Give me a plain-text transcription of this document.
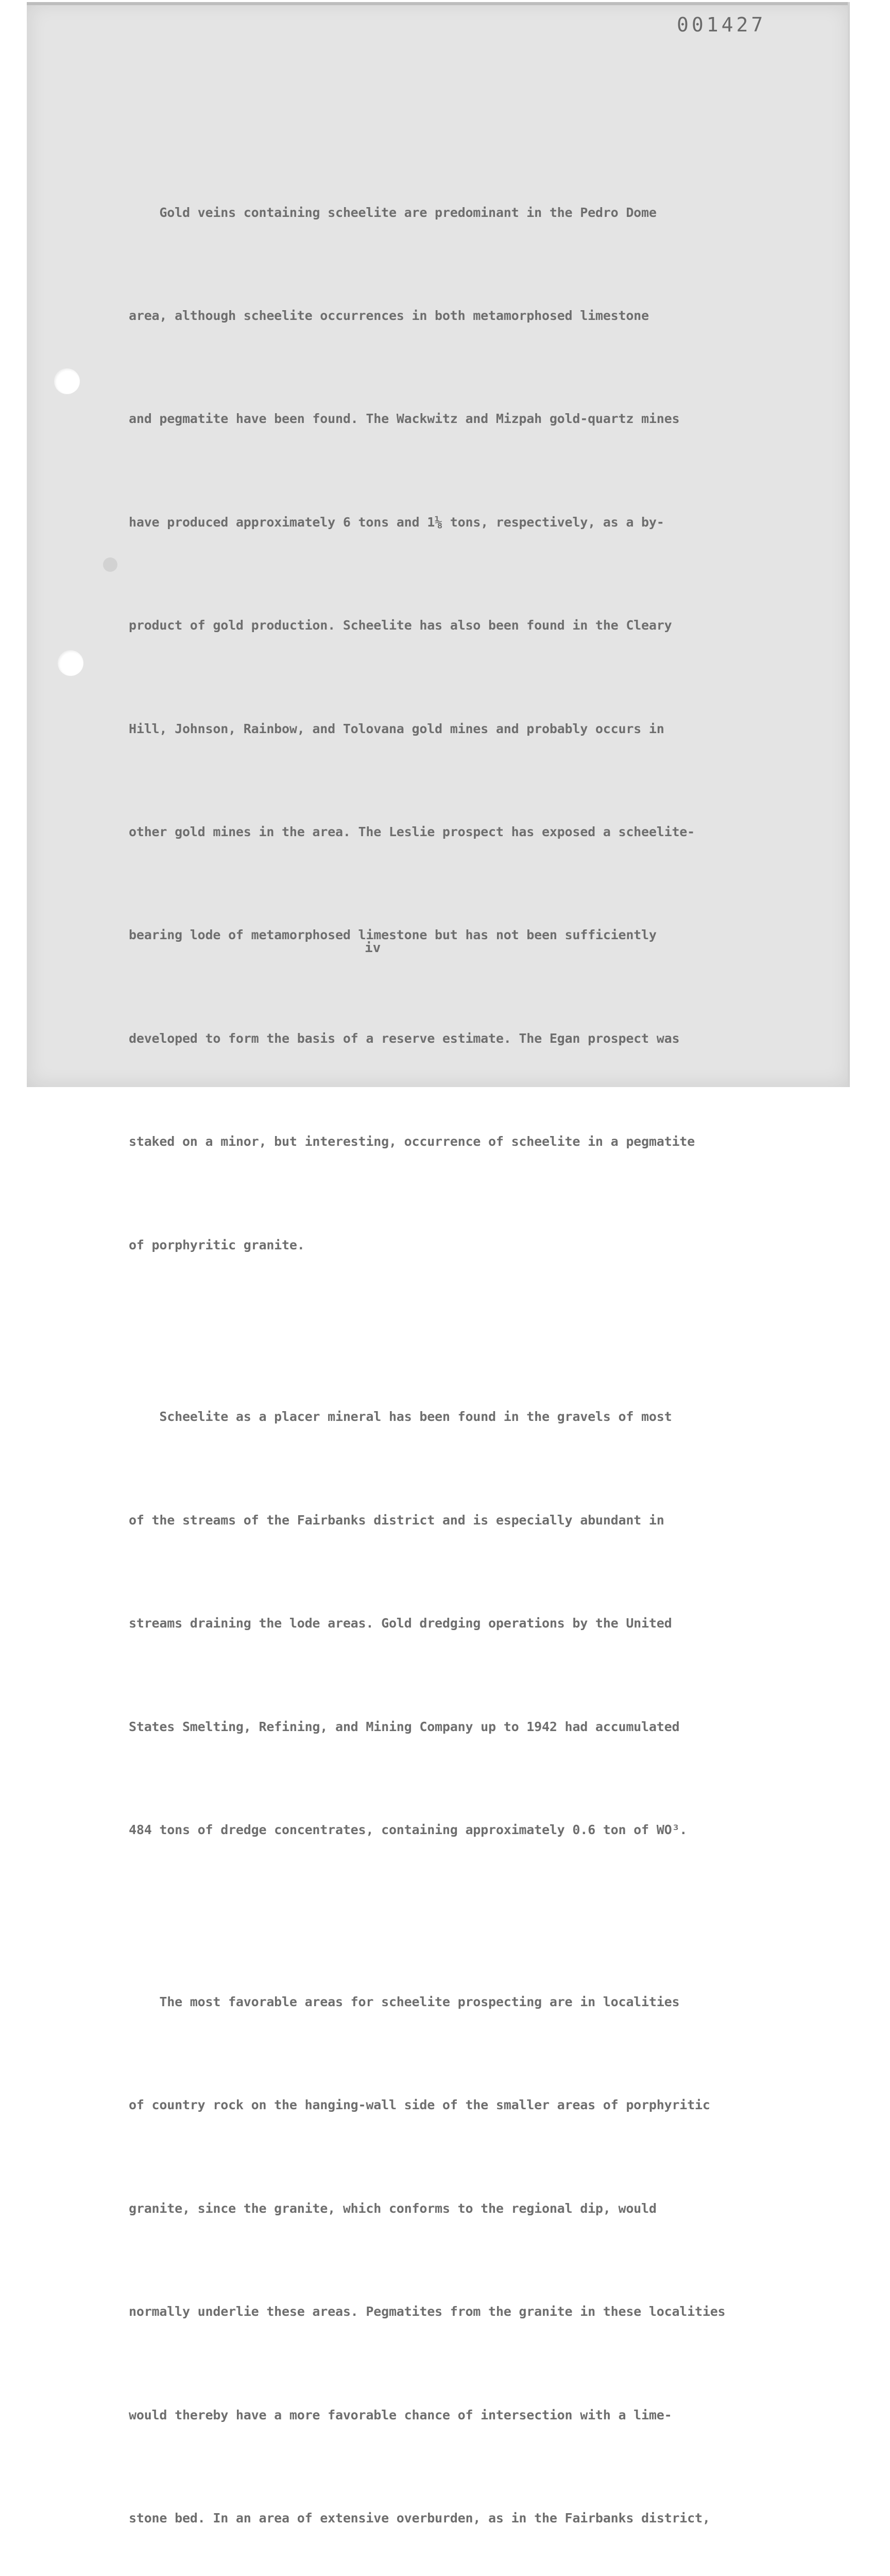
001427

Gold veins containing scheelite are predominant in the Pedro Dome

area, although scheelite occurrences in both metamorphosed limestone

and pegmatite have been found. The Wackwitz and Mizpah gold-quartz mines

have produced approximately 6 tons and 1⅛ tons, respectively, as a by-

product of gold production. Scheelite has also been found in the Cleary

Hill, Johnson, Rainbow, and Tolovana gold mines and probably occurs in

other gold mines in the area. The Leslie prospect has exposed a scheelite-

bearing lode of metamorphosed limestone but has not been sufficiently

developed to form the basis of a reserve estimate. The Egan prospect was

staked on a minor, but interesting, occurrence of scheelite in a pegmatite

of porphyritic granite.

Scheelite as a placer mineral has been found in the gravels of most

of the streams of the Fairbanks district and is especially abundant in

streams draining the lode areas. Gold dredging operations by the United

States Smelting, Refining, and Mining Company up to 1942 had accumulated

484 tons of dredge concentrates, containing approximately 0.6 ton of WO³.

The most favorable areas for scheelite prospecting are in localities

of country rock on the hanging-wall side of the smaller areas of porphyritic

granite, since the granite, which conforms to the regional dip, would

normally underlie these areas. Pegmatites from the granite in these localities

would thereby have a more favorable chance of intersection with a lime-

stone bed. In an area of extensive overburden, as in the Fairbanks district,

iv
